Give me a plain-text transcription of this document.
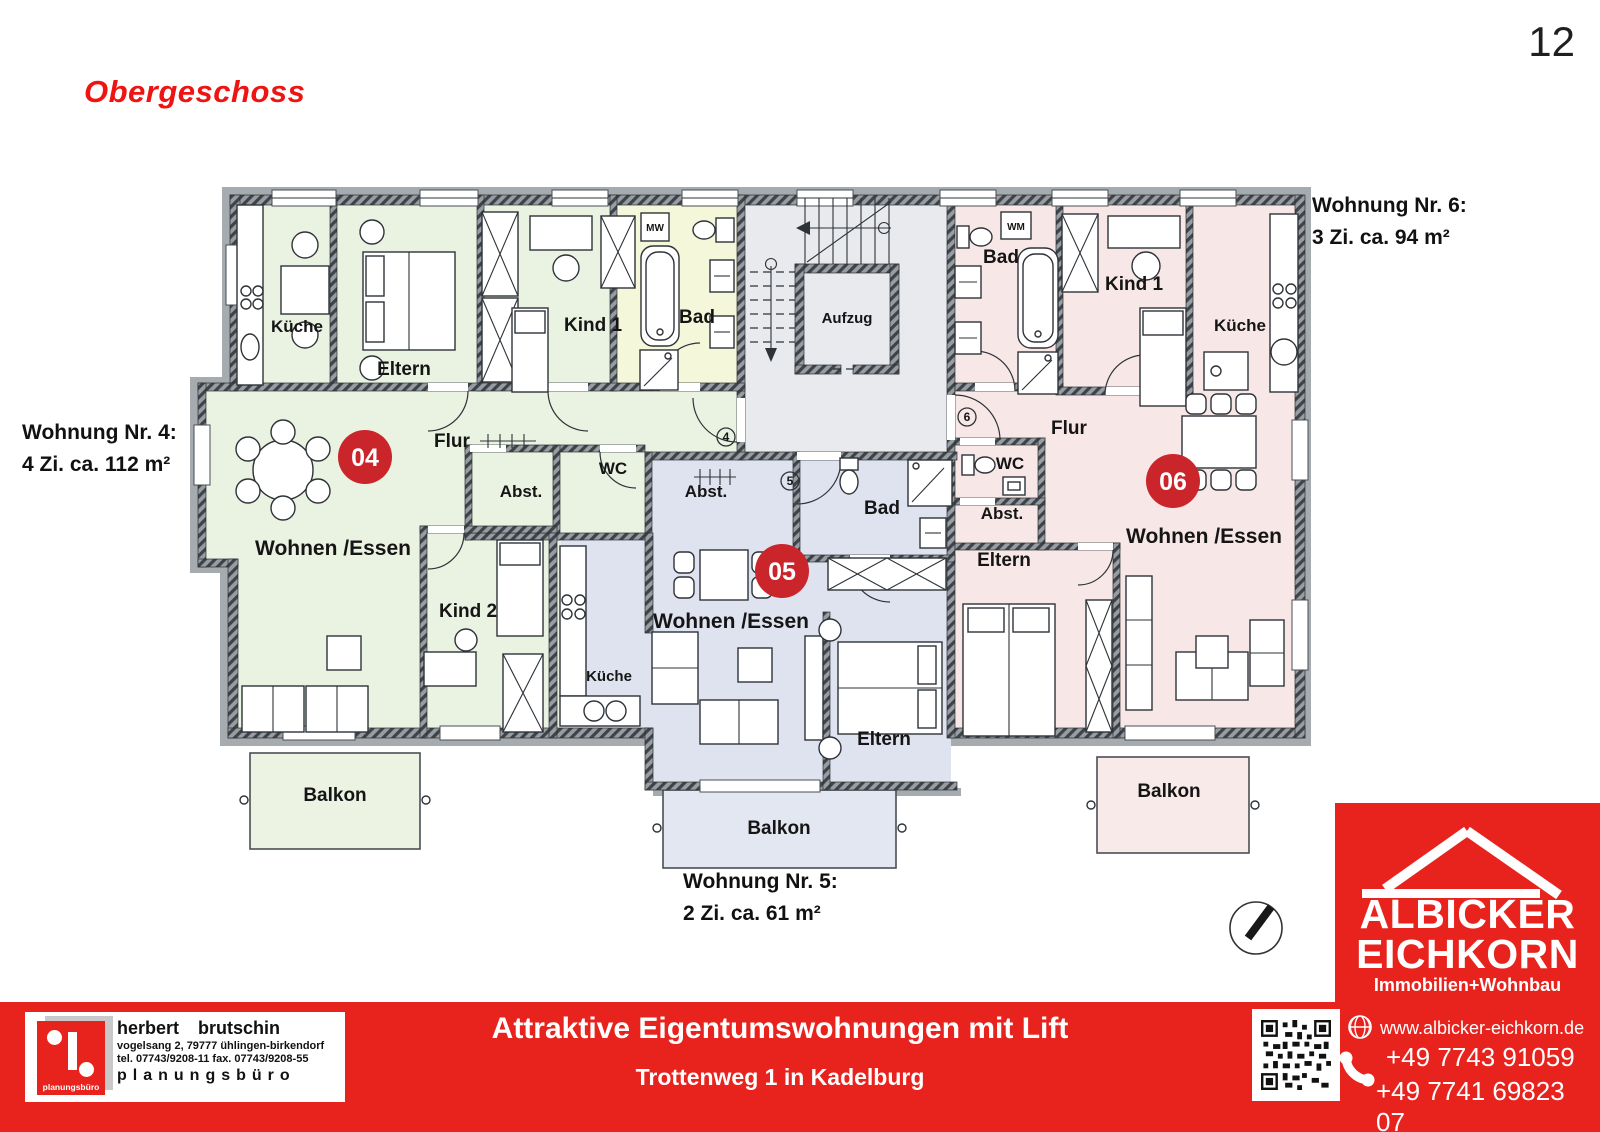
Obergeschoss
12
Wohnung Nr. 4:
4 Zi. ca. 112 m²
Wohnung Nr. 5:
2 Zi. ca. 61 m²
Wohnung Nr. 6:
3 Zi. ca. 94 m²
Aufzug
Küche
Eltern
Kind 1	Bad
Flur
Abst.
WC
Wohnen /Essen
Kind 2
Balkon
MW	WM
Abst.
Bad
Wohnen /Essen
Küche
Eltern
Balkon
Bad
Kind 1
Küche
Flur
WC
Abst.
Eltern
Wohnen /Essen
Balkon
04
05
06
4
5
6
planungsbüro
herbert brutschin
vogelsang 2, 79777 ühlingen-birkendorf
tel. 07743/9208-11 fax. 07743/9208-55
planungsbüro
Attraktive Eigentumswohnungen mit Lift
Trottenweg 1 in Kadelburg
ALBICKER
EICHKORN
Immobilien+Wohnbau
www.albicker-eichkorn.de
+49 7743 91059
+49 7741 69823 07
